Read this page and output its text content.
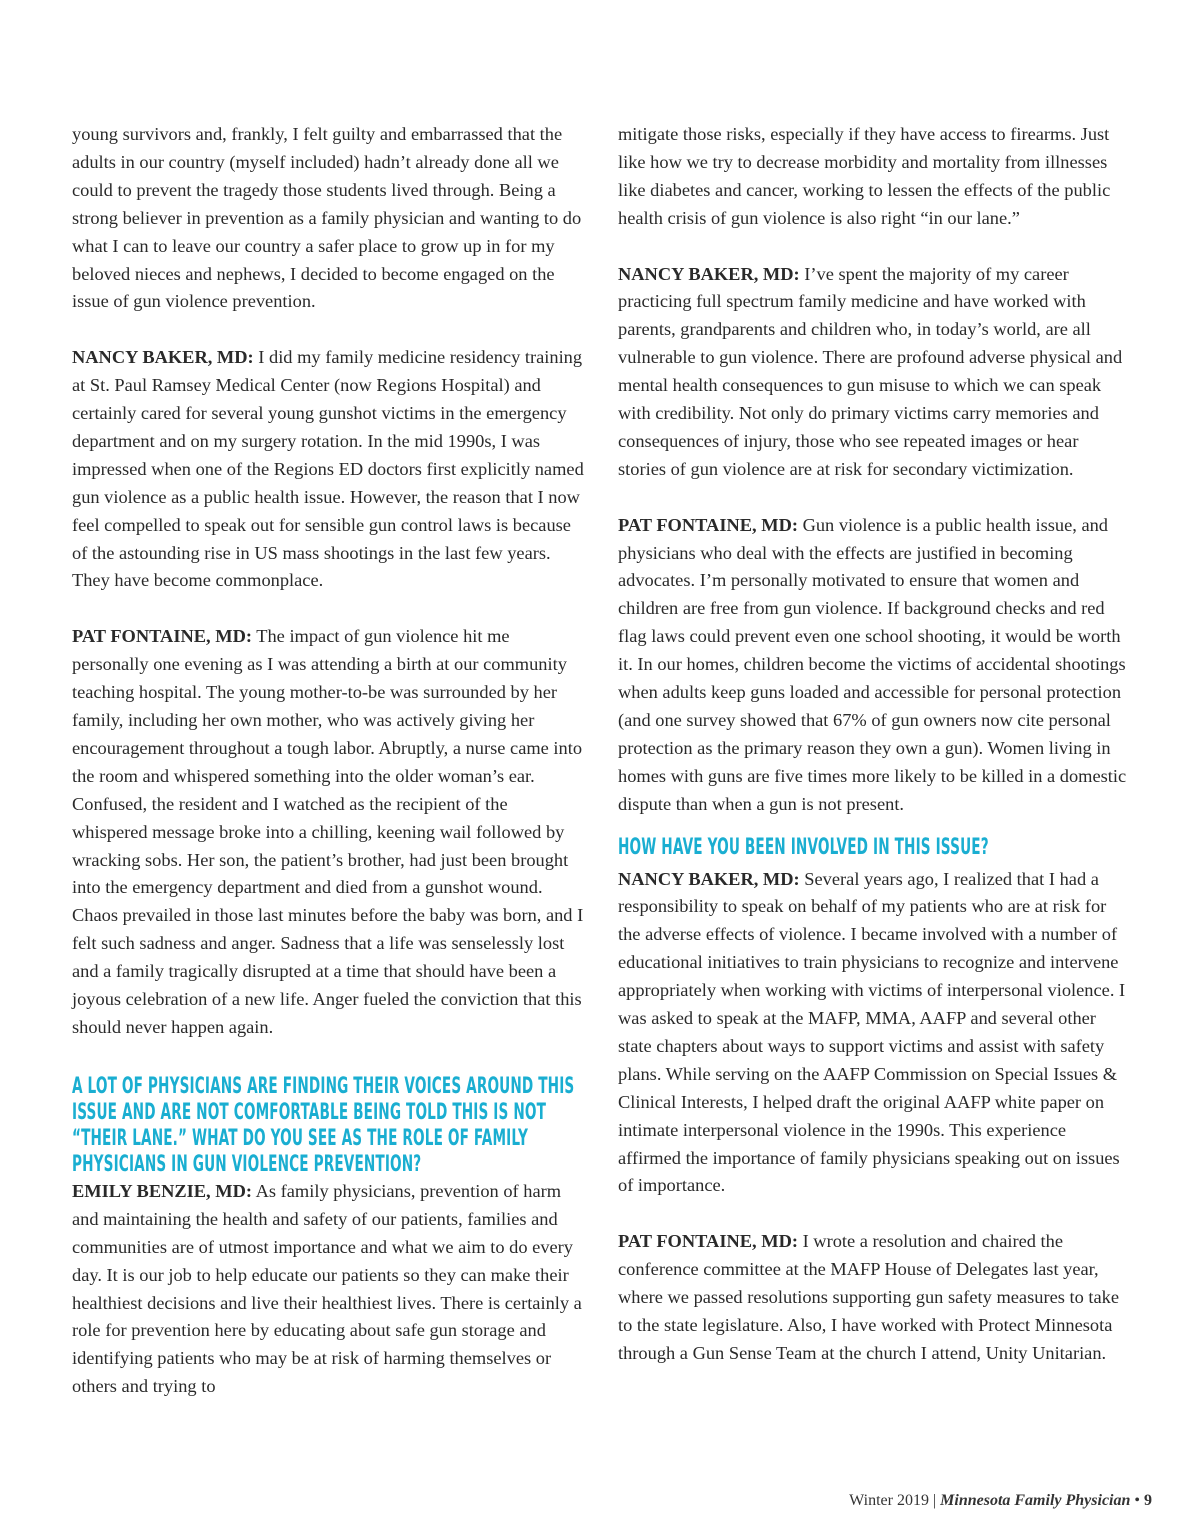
young survivors and, frankly, I felt guilty and embarrassed that the adults in our country (myself included) hadn’t already done all we could to prevent the tragedy those students lived through. Being a strong believer in prevention as a family physician and wanting to do what I can to leave our country a safer place to grow up in for my beloved nieces and nephews, I decided to become engaged on the issue of gun violence prevention.

NANCY BAKER, MD: I did my family medicine residency training at St. Paul Ramsey Medical Center (now Regions Hospital) and certainly cared for several young gunshot victims in the emergency department and on my surgery rotation. In the mid 1990s, I was impressed when one of the Regions ED doctors first explicitly named gun violence as a public health issue. However, the reason that I now feel compelled to speak out for sensible gun control laws is because of the astounding rise in US mass shootings in the last few years. They have become commonplace.

PAT FONTAINE, MD: The impact of gun violence hit me personally one evening as I was attending a birth at our community teaching hospital. The young mother-to-be was surrounded by her family, including her own mother, who was actively giving her encouragement throughout a tough labor. Abruptly, a nurse came into the room and whispered something into the older woman’s ear. Confused, the resident and I watched as the recipient of the whispered message broke into a chilling, keening wail followed by wracking sobs. Her son, the patient’s brother, had just been brought into the emergency department and died from a gunshot wound. Chaos prevailed in those last minutes before the baby was born, and I felt such sadness and anger. Sadness that a life was senselessly lost and a family tragically disrupted at a time that should have been a joyous celebration of a new life. Anger fueled the conviction that this should never happen again.

A LOT OF PHYSICIANS ARE FINDING THEIR VOICES AROUND THIS ISSUE AND ARE NOT COMFORTABLE BEING TOLD THIS IS NOT “THEIR LANE.” WHAT DO YOU SEE AS THE ROLE OF FAMILY PHYSICIANS IN GUN VIOLENCE PREVENTION?

EMILY BENZIE, MD: As family physicians, prevention of harm and maintaining the health and safety of our patients, families and communities are of utmost importance and what we aim to do every day. It is our job to help educate our patients so they can make their healthiest decisions and live their healthiest lives. There is certainly a role for prevention here by educating about safe gun storage and identifying patients who may be at risk of harming themselves or others and trying to

mitigate those risks, especially if they have access to firearms. Just like how we try to decrease morbidity and mortality from illnesses like diabetes and cancer, working to lessen the effects of the public health crisis of gun violence is also right “in our lane.”

NANCY BAKER, MD: I’ve spent the majority of my career practicing full spectrum family medicine and have worked with parents, grandparents and children who, in today’s world, are all vulnerable to gun violence. There are profound adverse physical and mental health consequences to gun misuse to which we can speak with credibility. Not only do primary victims carry memories and consequences of injury, those who see repeated images or hear stories of gun violence are at risk for secondary victimization.

PAT FONTAINE, MD: Gun violence is a public health issue, and physicians who deal with the effects are justified in becoming advocates. I’m personally motivated to ensure that women and children are free from gun violence. If background checks and red flag laws could prevent even one school shooting, it would be worth it. In our homes, children become the victims of accidental shootings when adults keep guns loaded and accessible for personal protection (and one survey showed that 67% of gun owners now cite personal protection as the primary reason they own a gun). Women living in homes with guns are five times more likely to be killed in a domestic dispute than when a gun is not present.

HOW HAVE YOU BEEN INVOLVED IN THIS ISSUE?

NANCY BAKER, MD: Several years ago, I realized that I had a responsibility to speak on behalf of my patients who are at risk for the adverse effects of violence. I became involved with a number of educational initiatives to train physicians to recognize and intervene appropriately when working with victims of interpersonal violence. I was asked to speak at the MAFP, MMA, AAFP and several other state chapters about ways to support victims and assist with safety plans. While serving on the AAFP Commission on Special Issues & Clinical Interests, I helped draft the original AAFP white paper on intimate interpersonal violence in the 1990s. This experience affirmed the importance of family physicians speaking out on issues of importance.

PAT FONTAINE, MD: I wrote a resolution and chaired the conference committee at the MAFP House of Delegates last year, where we passed resolutions supporting gun safety measures to take to the state legislature. Also, I have worked with Protect Minnesota through a Gun Sense Team at the church I attend, Unity Unitarian.

Winter 2019 | Minnesota Family Physician • 9
